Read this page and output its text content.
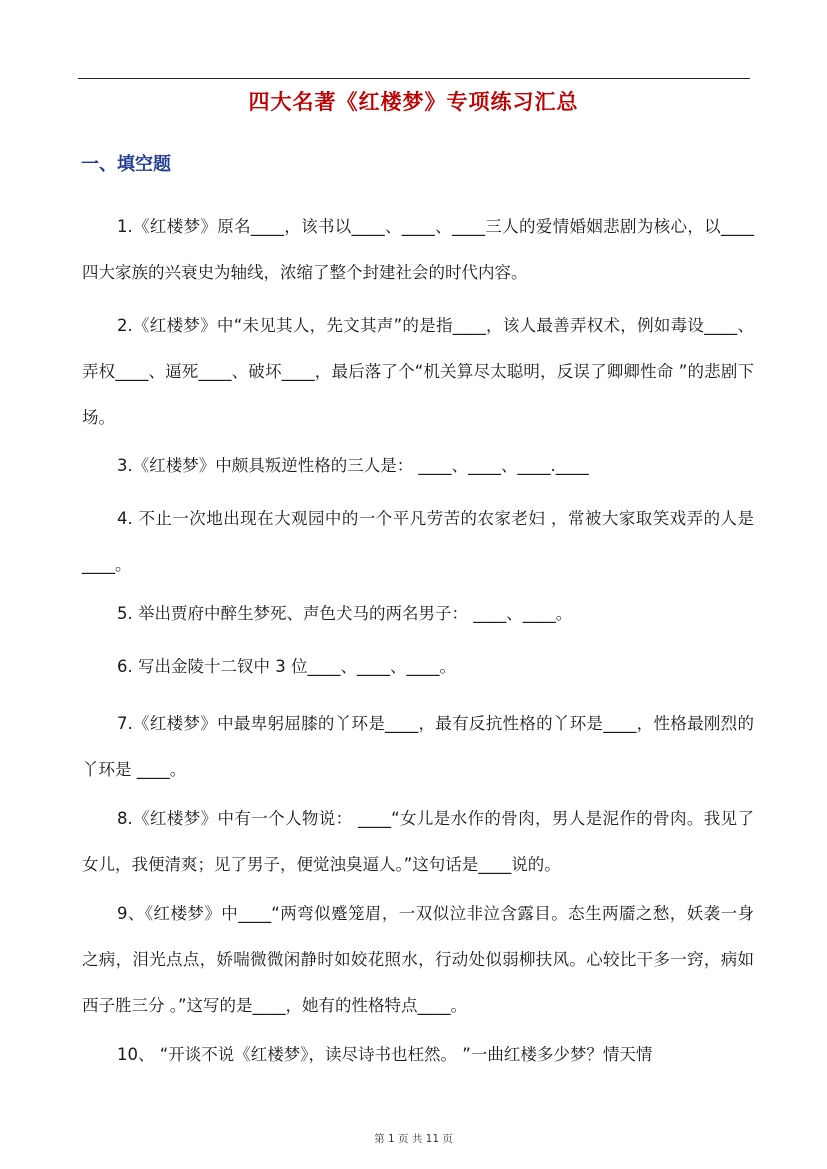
四大名著《红楼梦》专项练习汇总
一、填空题
1.《红楼梦》原名____，该书以____、____、____三人的爱情婚姻悲剧为核心，以____四大家族的兴衰史为轴线，浓缩了整个封建社会的时代内容。
2.《红楼梦》中“未见其人，先文其声”的是指____，该人最善弄权术，例如毒设____、弄权____、逼死____、破坏____，最后落了个“机关算尽太聪明，反误了卿卿性命 ”的悲剧下场。
3.《红楼梦》中颇具叛逆性格的三人是： ____、____、____.____
4. 不止一次地出现在大观园中的一个平凡劳苦的农家老妇 ，常被大家取笑戏弄的人是____。
5. 举出贾府中醉生梦死、声色犬马的两名男子： ____、____。
6. 写出金陵十二钗中 3 位____、____、____。
7.《红楼梦》中最卑躬屈膝的丫环是____，最有反抗性格的丫环是____，性格最刚烈的丫环是 ____。
8.《红楼梦》中有一个人物说： ____“女儿是水作的骨肉，男人是泥作的骨肉。我见了女儿，我便清爽；见了男子，便觉浊臭逼人。”这句话是____说的。
9、《红楼梦》中____“两弯似蹙笼眉，一双似泣非泣含露目。态生两靥之愁，妖袭一身之病，泪光点点，娇喘微微闲静时如姣花照水，行动处似弱柳扶风。心较比干多一窍，病如西子胜三分 。”这写的是____，她有的性格特点____。
10、 “开谈不说《红楼梦》，读尽诗书也枉然。 ”一曲红楼多少梦？情天情
第 1 页 共 11 页
